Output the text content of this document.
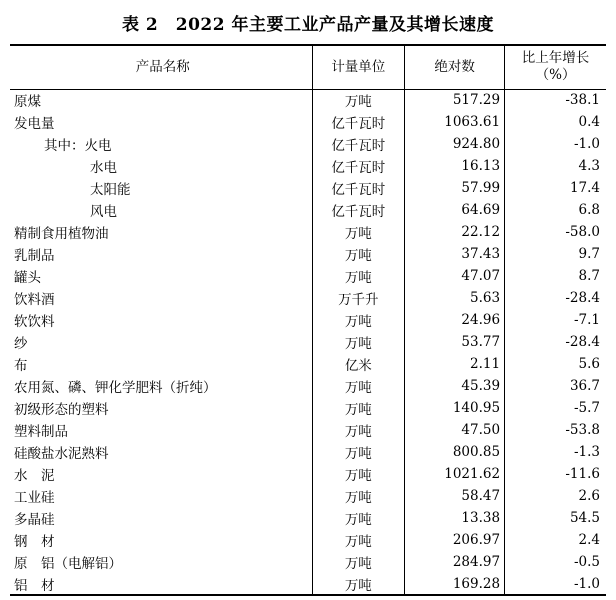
表 2　2022 年主要工业产品产量及其增长速度
产品名称	计量单位	绝对数	比上年增长
（%）

原煤	万吨	517.29	-38.1
发电量	亿千瓦时	1063.61	0.4
其中：火电	亿千瓦时	924.80	-1.0
水电	亿千瓦时	16.13	4.3
太阳能	亿千瓦时	57.99	17.4
风电	亿千瓦时	64.69	6.8
精制食用植物油	万吨	22.12	-58.0
乳制品	万吨	37.43	9.7
罐头	万吨	47.07	8.7
饮料酒	万千升	5.63	-28.4
软饮料	万吨	24.96	-7.1
纱	万吨	53.77	-28.4
布	亿米	2.11	5.6
农用氮、磷、钾化学肥料（折纯）	万吨	45.39	36.7
初级形态的塑料	万吨	140.95	-5.7
塑料制品	万吨	47.50	-53.8
硅酸盐水泥熟料	万吨	800.85	-1.3
水　泥	万吨	1021.62	-11.6
工业硅	万吨	58.47	2.6
多晶硅	万吨	13.38	54.5
钢　材	万吨	206.97	2.4
原　铝（电解铝）	万吨	284.97	-0.5
铝　材	万吨	169.28	-1.0
